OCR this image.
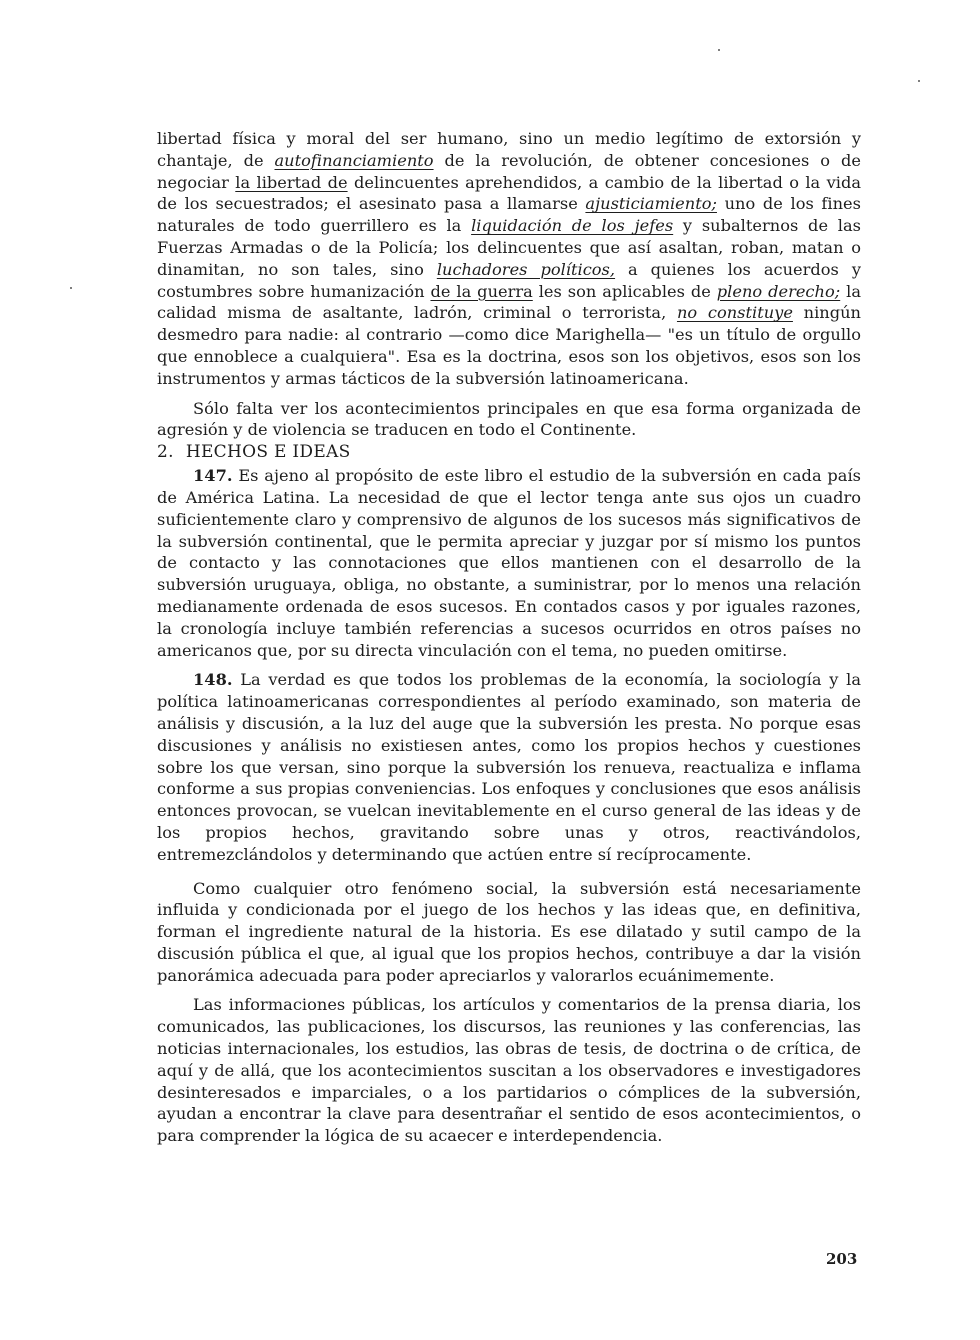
libertad física y moral del ser humano, sino un medio legítimo de extorsión y chantaje, de autofinanciamiento de la revolución, de obtener concesiones o de negociar la libertad de delincuentes aprehendidos, a cambio de la libertad o la vida de los secuestrados; el asesinato pasa a llamarse ajusticiamiento; uno de los fines naturales de todo guerrillero es la liquidación de los jefes y subalternos de las Fuerzas Armadas o de la Policía; los delincuentes que así asaltan, roban, matan o dinamitan, no son tales, sino luchadores políticos, a quienes los acuerdos y costumbres sobre humanización de la guerra les son aplicables de pleno derecho; la calidad misma de asaltante, ladrón, criminal o terrorista, no constituye ningún desmedro para nadie: al contrario —como dice Marighella— "es un título de orgullo que ennoblece a cualquiera". Esa es la doctrina, esos son los objetivos, esos son los instrumentos y armas tácticos de la subversión latinoamericana.

Sólo falta ver los acontecimientos principales en que esa forma organizada de agresión y de violencia se traducen en todo el Continente.

2. HECHOS E IDEAS

147. Es ajeno al propósito de este libro el estudio de la subversión en cada país de América Latina. La necesidad de que el lector tenga ante sus ojos un cuadro suficientemente claro y comprensivo de algunos de los sucesos más significativos de la subversión continental, que le permita apreciar y juzgar por sí mismo los puntos de contacto y las connotaciones que ellos mantienen con el desarrollo de la subversión uruguaya, obliga, no obstante, a suministrar, por lo menos una relación medianamente ordenada de esos sucesos. En contados casos y por iguales razones, la cronología incluye también referencias a sucesos ocurridos en otros países no americanos que, por su directa vinculación con el tema, no pueden omitirse.

148. La verdad es que todos los problemas de la economía, la sociología y la política latinoamericanas correspondientes al período examinado, son materia de análisis y discusión, a la luz del auge que la subversión les presta. No porque esas discusiones y análisis no existiesen antes, como los propios hechos y cuestiones sobre los que versan, sino porque la subversión los renueva, reactualiza e inflama conforme a sus propias conveniencias. Los enfoques y conclusiones que esos análisis entonces provocan, se vuelcan inevitablemente en el curso general de las ideas y de los propios hechos, gravitando sobre unas y otros, reactivándolos, entremezclándolos y determinando que actúen entre sí recíprocamente.

Como cualquier otro fenómeno social, la subversión está necesariamente influida y condicionada por el juego de los hechos y las ideas que, en definitiva, forman el ingrediente natural de la historia. Es ese dilatado y sutil campo de la discusión pública el que, al igual que los propios hechos, contribuye a dar la visión panorámica adecuada para poder apreciarlos y valorarlos ecuánimemente.

Las informaciones públicas, los artículos y comentarios de la prensa diaria, los comunicados, las publicaciones, los discursos, las reuniones y las conferencias, las noticias internacionales, los estudios, las obras de tesis, de doctrina o de crítica, de aquí y de allá, que los acontecimientos suscitan a los observadores e investigadores desinteresados e imparciales, o a los partidarios o cómplices de la subversión, ayudan a encontrar la clave para desentrañar el sentido de esos acontecimientos, o para comprender la lógica de su acaecer e interdependencia.

203
